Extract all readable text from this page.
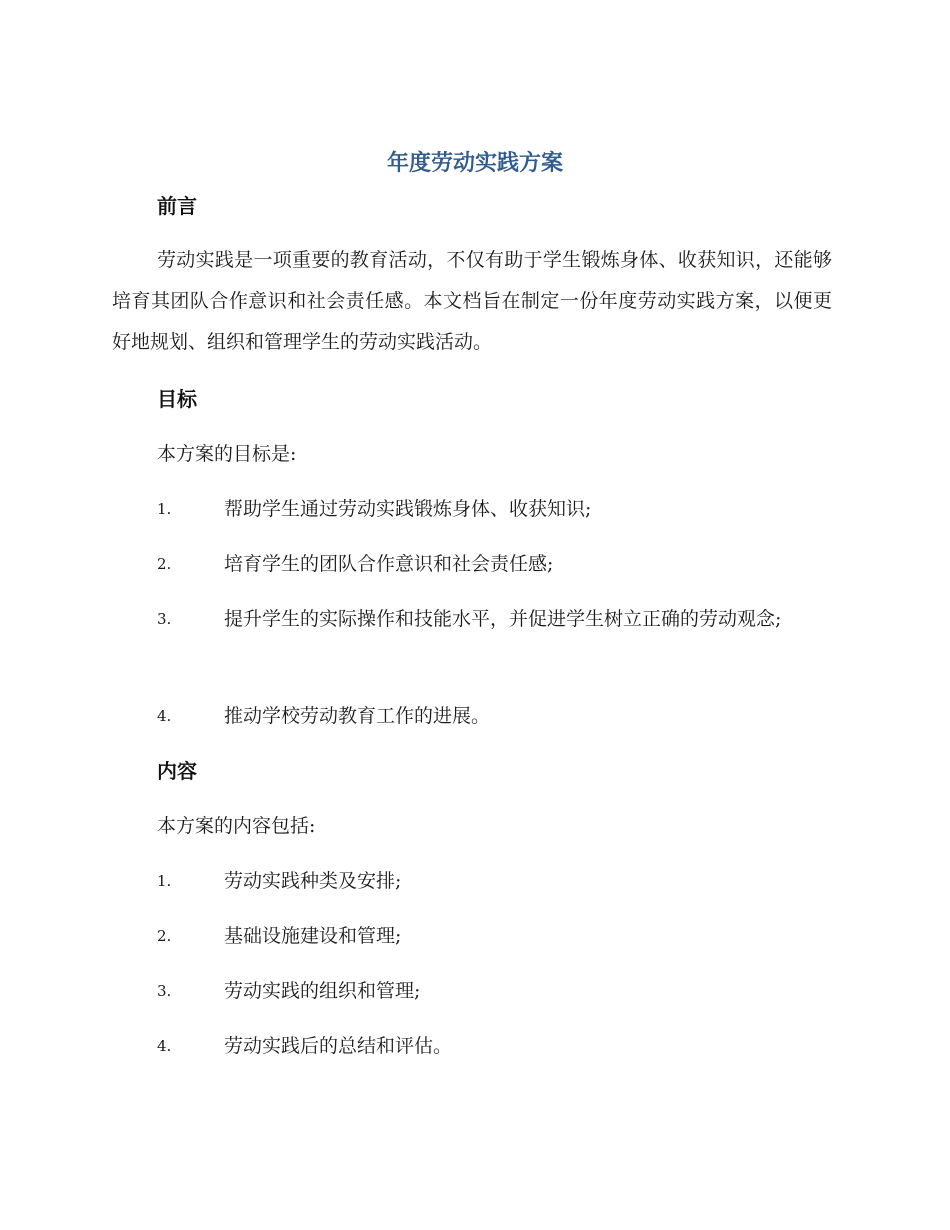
年度劳动实践方案
前言

劳动实践是一项重要的教育活动，不仅有助于学生锻炼身体、收获知识，还能够培育其团队合作意识和社会责任感。本文档旨在制定一份年度劳动实践方案，以便更好地规划、组织和管理学生的劳动实践活动。

目标

本方案的目标是:

1.	帮助学生通过劳动实践锻炼身体、收获知识;
2.	培育学生的团队合作意识和社会责任感;
3.	提升学生的实际操作和技能水平，并促进学生树立正确的劳动观念;
4.	推动学校劳动教育工作的进展。
内容

本方案的内容包括:

1.	劳动实践种类及安排;
2.	基础设施建设和管理;
3.	劳动实践的组织和管理;
4.	劳动实践后的总结和评估。
